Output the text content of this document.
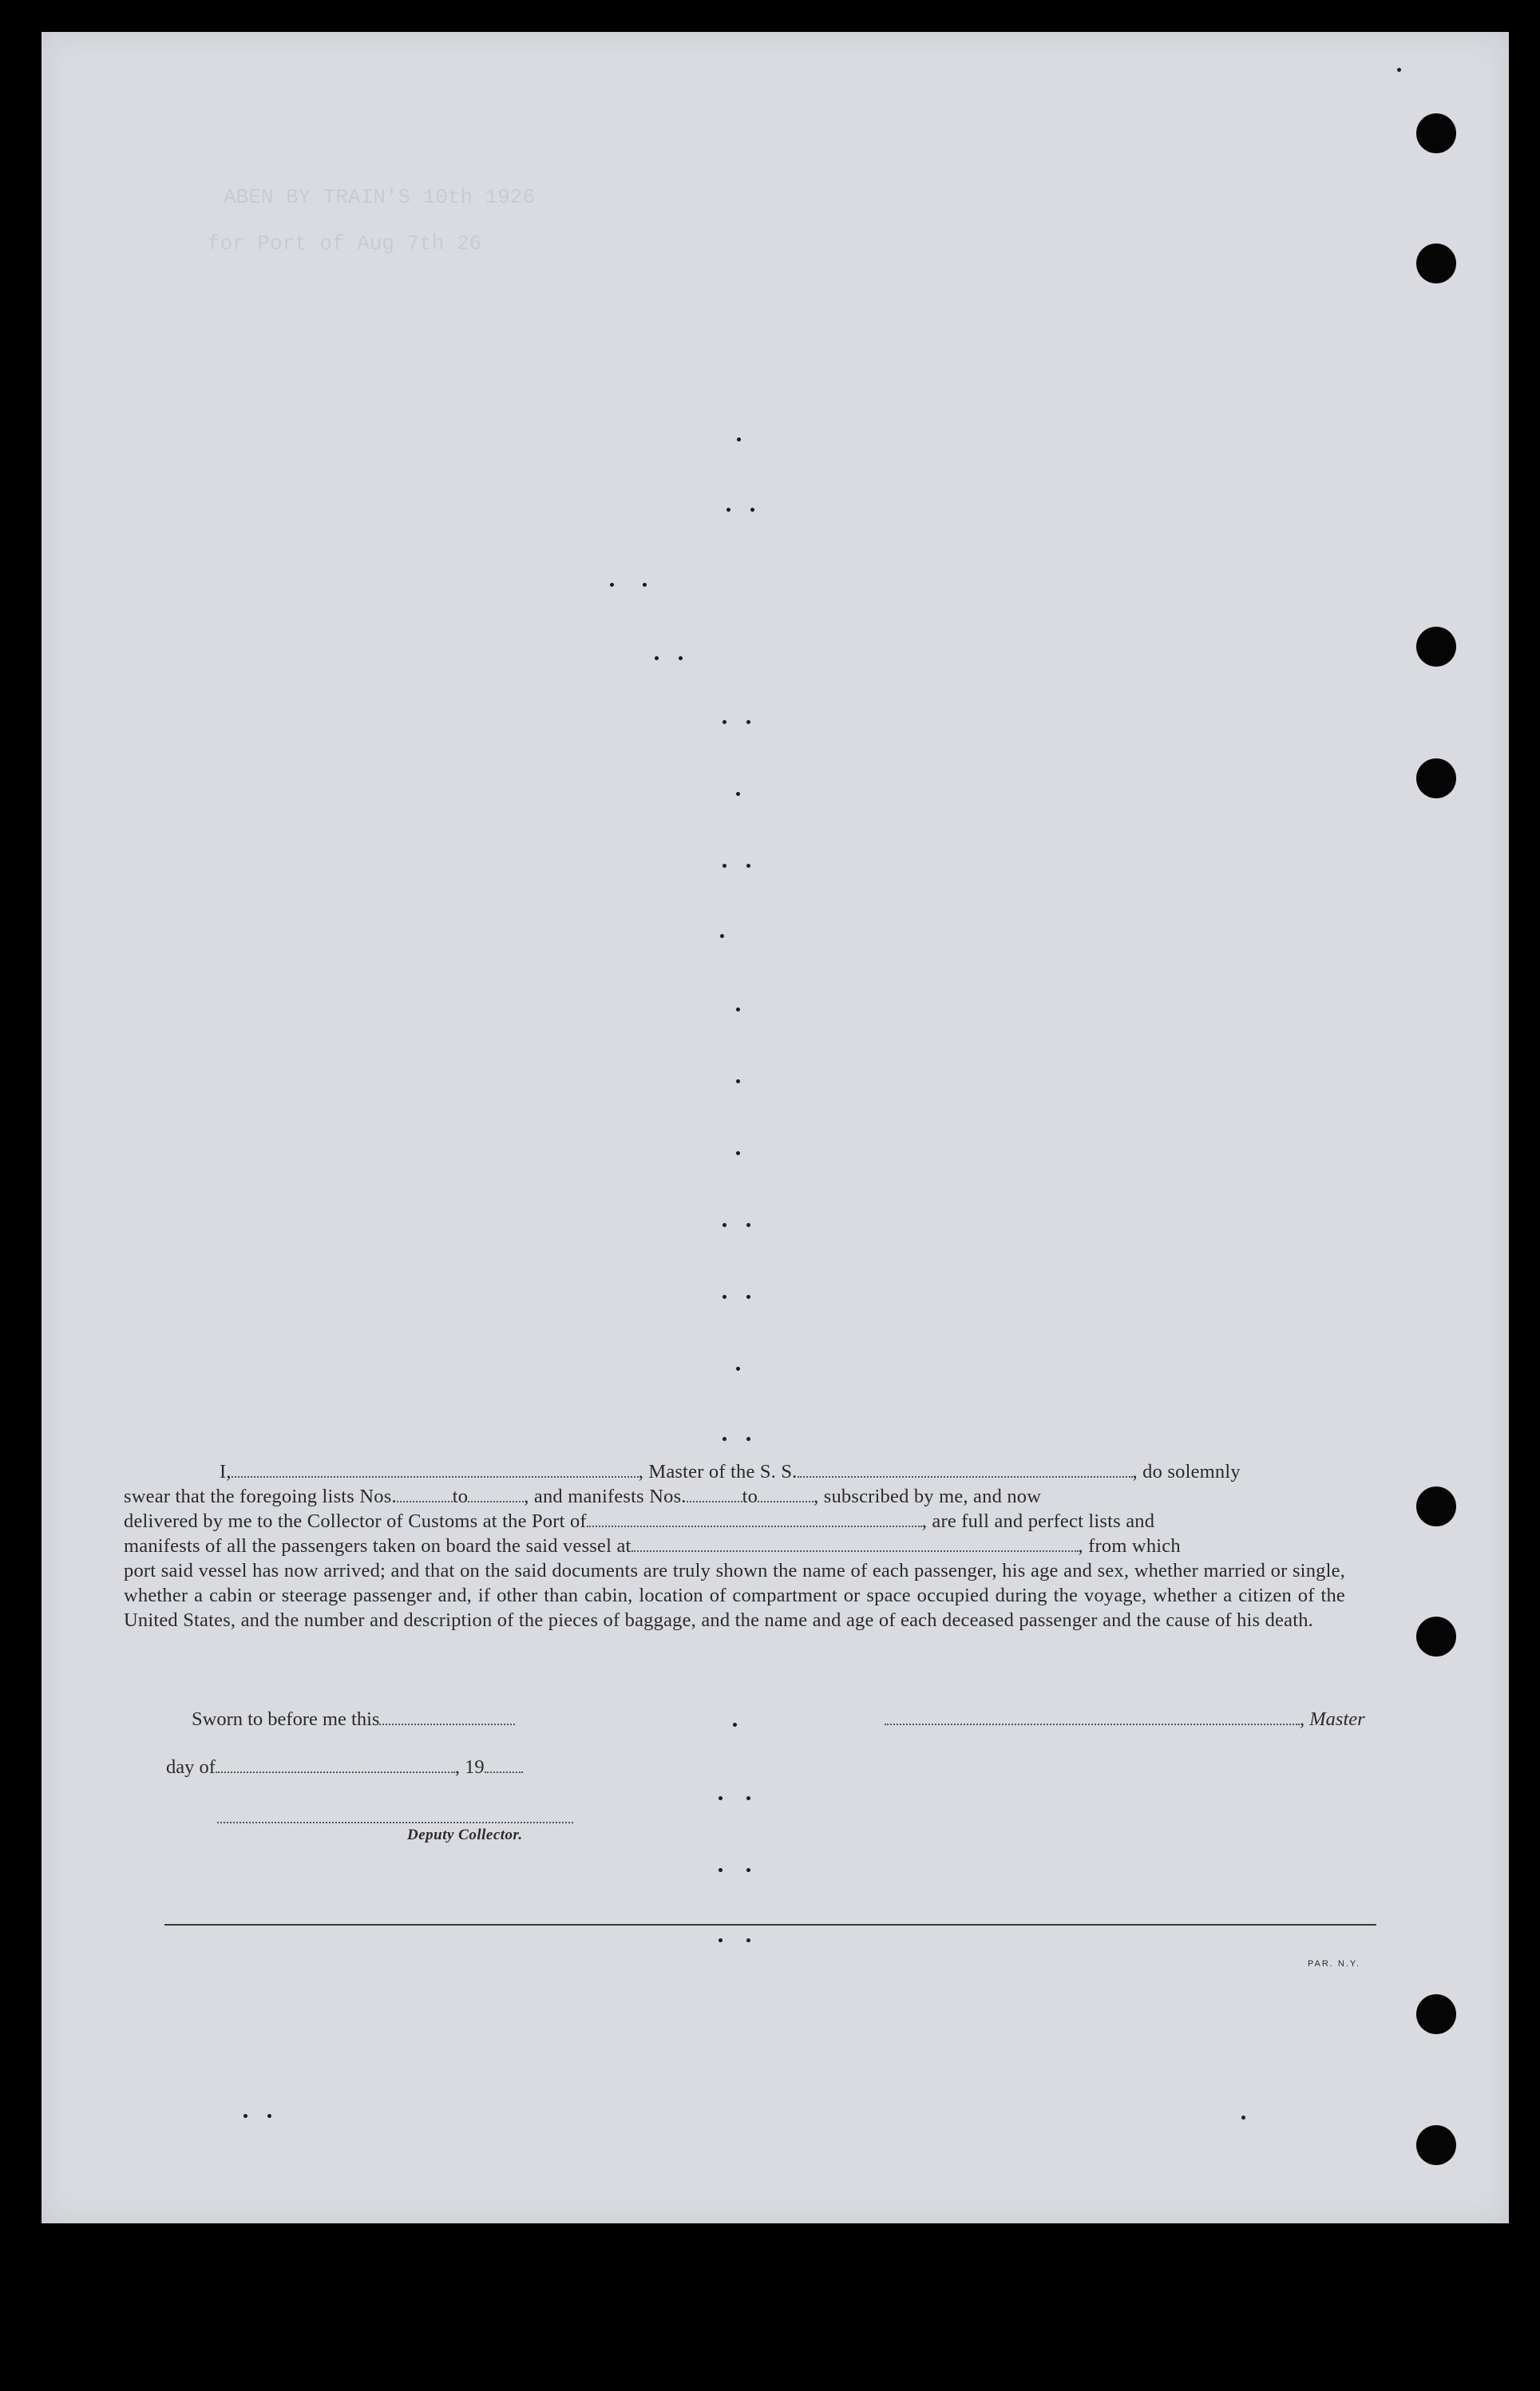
ABEN BY TRAIN'S 10th 1926
for Port of Aug 7th 26
I,	, Master of the S. S.	, do solemnly
swear that the foregoing lists Nos.	to	, and manifests Nos.	to	, subscribed by me, and now
delivered by me to the Collector of Customs at the Port of	, are full and perfect lists and
manifests of all the passengers taken on board the said vessel at	, from which
port said vessel has now arrived; and that on the said documents are truly shown the name of each passenger, his age and sex, whether married or single, whether a cabin or steerage passenger and, if other than cabin, location of compartment or space occupied during the voyage, whether a citizen of the United States, and the number and description of the pieces of baggage, and the name and age of each deceased passenger and the cause of his death.
Sworn to before me this	, Master
day of	, 19
Deputy Collector.
PAR. N.Y.
